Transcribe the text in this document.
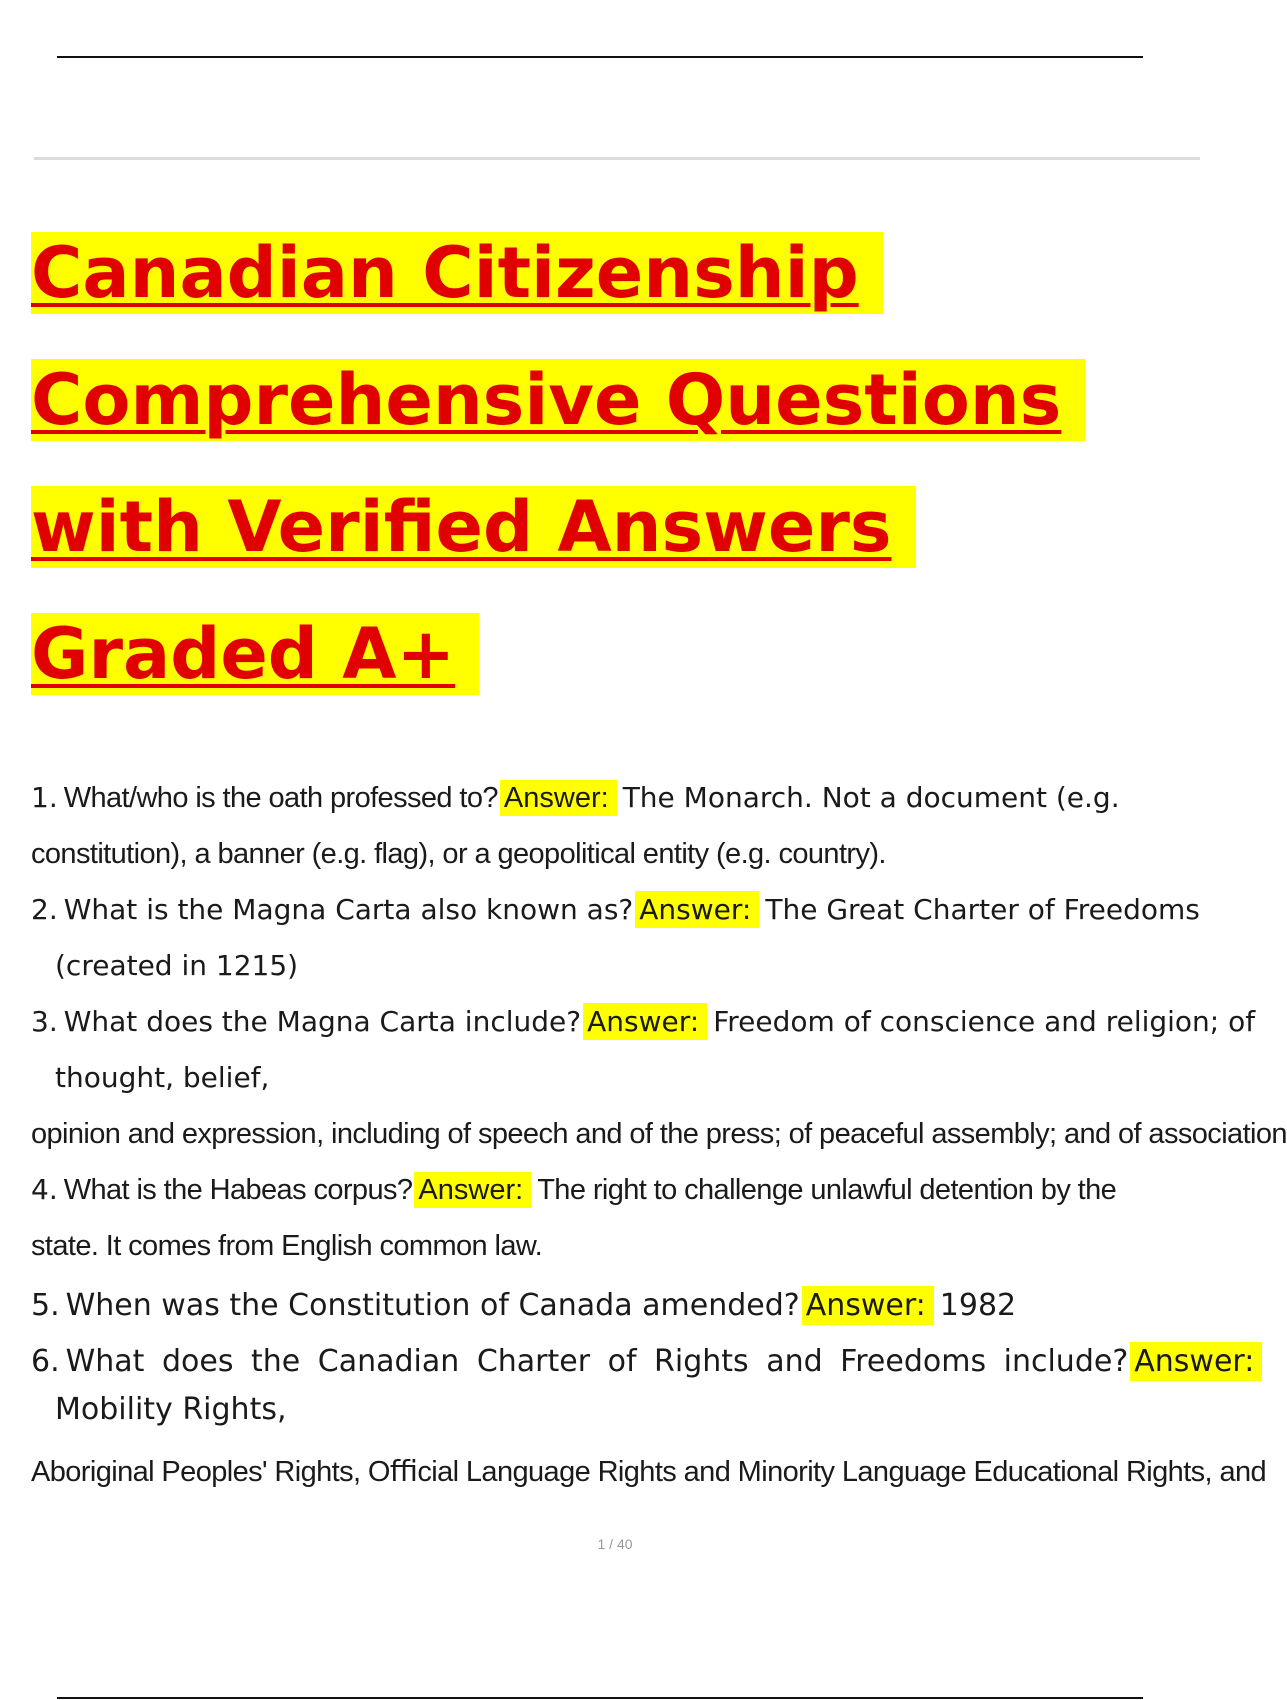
Canadian Citizenship
Comprehensive Questions
with Verified Answers
Graded A+
1. What/who is the oath professed to? Answer: The Monarch. Not a document (e.g.
constitution), a banner (e.g. flag), or a geopolitical entity (e.g. country).
2. What is the Magna Carta also known as? Answer: The Great Charter of Freedoms
(created in 1215)
3. What does the Magna Carta include? Answer: Freedom of conscience and religion; of
thought, belief,
opinion and expression, including of speech and of the press; of peaceful assembly; and of association
4. What is the Habeas corpus? Answer: The right to challenge unlawful detention by the
state. It comes from English common law.
5. When was the Constitution of Canada amended? Answer: 1982
6. What does the Canadian Charter of Rights and Freedoms include? Answer:
Mobility Rights,
Aboriginal Peoples' Rights, Oﬃcial Language Rights and Minority Language Educational Rights, and
1 / 40
